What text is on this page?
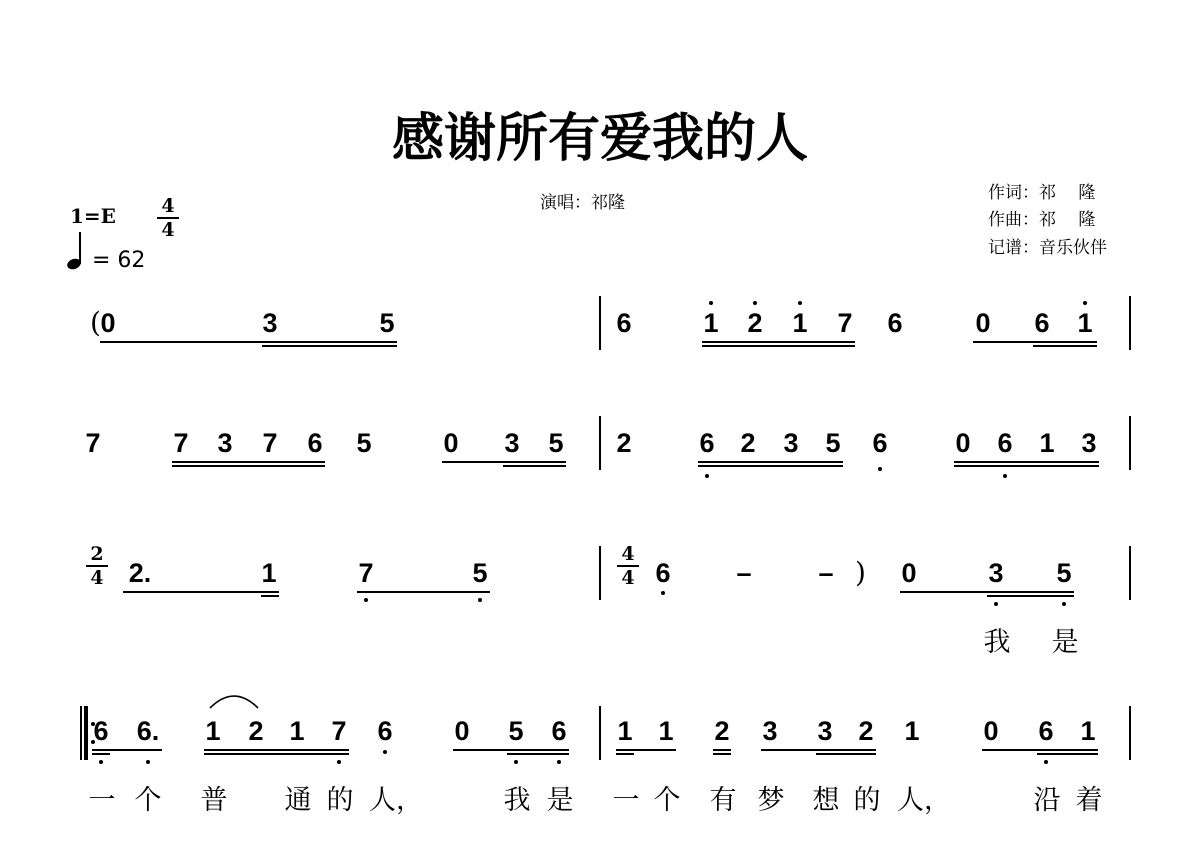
感谢所有爱我的人
演唱：祁隆	作词：祁　 隆
作曲：祁　 隆
记谱：音乐伙伴
1=E 4
4
= 62
( 0	3	5	6	1 2 1 7 6	0 6 1
7	7 3 7 6 5	0 3 5 2	6 2 3 5 6	0 6 1 3
2
4 2.	1	7	5
4
4 6 – – ) 0	3 5
我 是
6 6. 1 2 1 7 6 0 5 6 1 1 2 3 3 2 1 0 6 1
一 个 普 通 的 人，	我 是 一 个 有 梦 想 的 人，	沿 着
